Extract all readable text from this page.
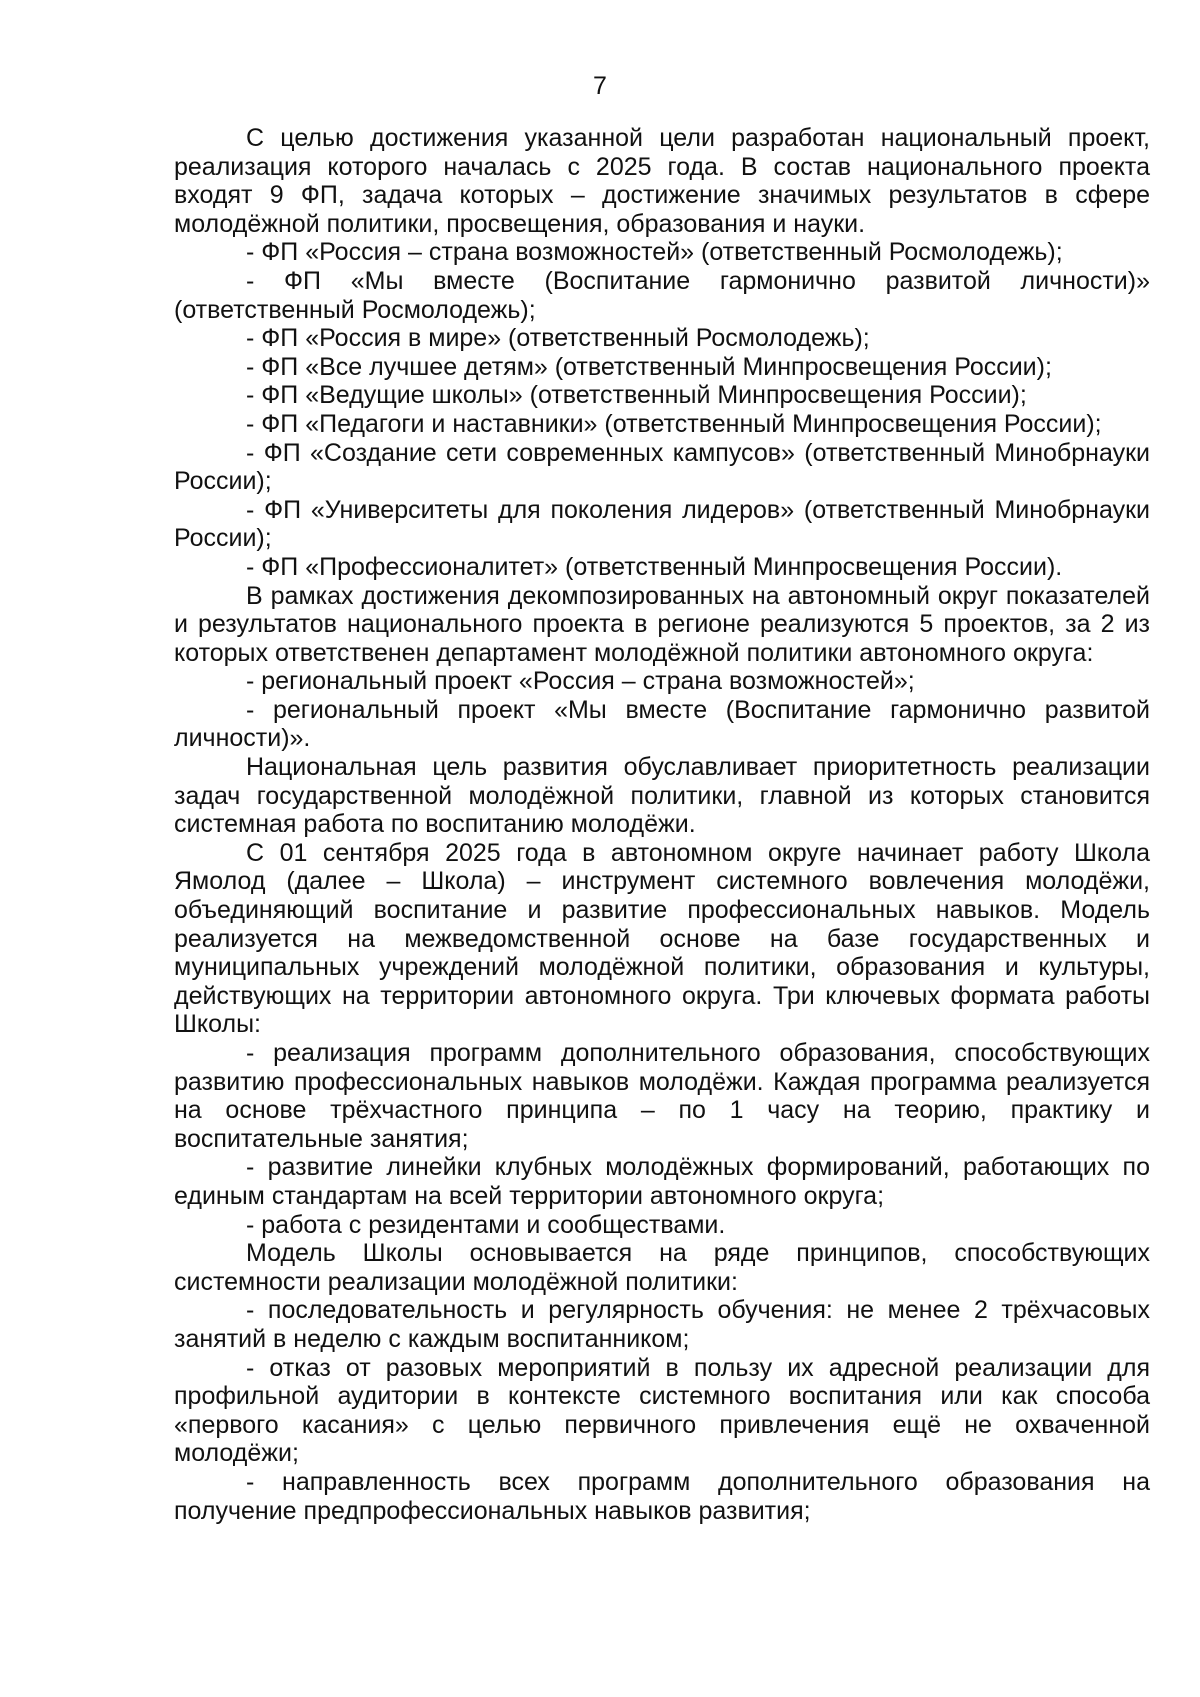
7

С целью достижения указанной цели разработан национальный проект, реализация которого началась с 2025 года. В состав национального проекта входят 9 ФП, задача которых – достижение значимых результатов в сфере молодёжной политики, просвещения, образования и науки.

- ФП «Россия – страна возможностей» (ответственный Росмолодежь);

- ФП «Мы вместе (Воспитание гармонично развитой личности)» (ответственный Росмолодежь);

- ФП «Россия в мире» (ответственный Росмолодежь);

- ФП «Все лучшее детям» (ответственный Минпросвещения России);

- ФП «Ведущие школы» (ответственный Минпросвещения России);

- ФП «Педагоги и наставники» (ответственный Минпросвещения России);

- ФП «Создание сети современных кампусов» (ответственный Минобрнауки России);

- ФП «Университеты для поколения лидеров» (ответственный Минобрнауки России);

- ФП «Профессионалитет» (ответственный Минпросвещения России).

В рамках достижения декомпозированных на автономный округ показателей и результатов национального проекта в регионе реализуются 5 проектов, за 2 из которых ответственен департамент молодёжной политики автономного округа:

- региональный проект «Россия – страна возможностей»;

- региональный проект «Мы вместе (Воспитание гармонично развитой личности)».

Национальная цель развития обуславливает приоритетность реализации задач государственной молодёжной политики, главной из которых становится системная работа по воспитанию молодёжи.

С 01 сентября 2025 года в автономном округе начинает работу Школа Ямолод (далее – Школа) – инструмент системного вовлечения молодёжи, объединяющий воспитание и развитие профессиональных навыков. Модель реализуется на межведомственной основе на базе государственных и муниципальных учреждений молодёжной политики, образования и культуры, действующих на территории автономного округа. Три ключевых формата работы Школы:

- реализация программ дополнительного образования, способствующих развитию профессиональных навыков молодёжи. Каждая программа реализуется на основе трёхчастного принципа – по 1 часу на теорию, практику и воспитательные занятия;

- развитие линейки клубных молодёжных формирований, работающих по единым стандартам на всей территории автономного округа;

- работа с резидентами и сообществами.

Модель Школы основывается на ряде принципов, способствующих системности реализации молодёжной политики:

- последовательность и регулярность обучения: не менее 2 трёхчасовых занятий в неделю с каждым воспитанником;

- отказ от разовых мероприятий в пользу их адресной реализации для профильной аудитории в контексте системного воспитания или как способа «первого касания» с целью первичного привлечения ещё не охваченной молодёжи;

- направленность всех программ дополнительного образования на получение предпрофессиональных навыков развития;
